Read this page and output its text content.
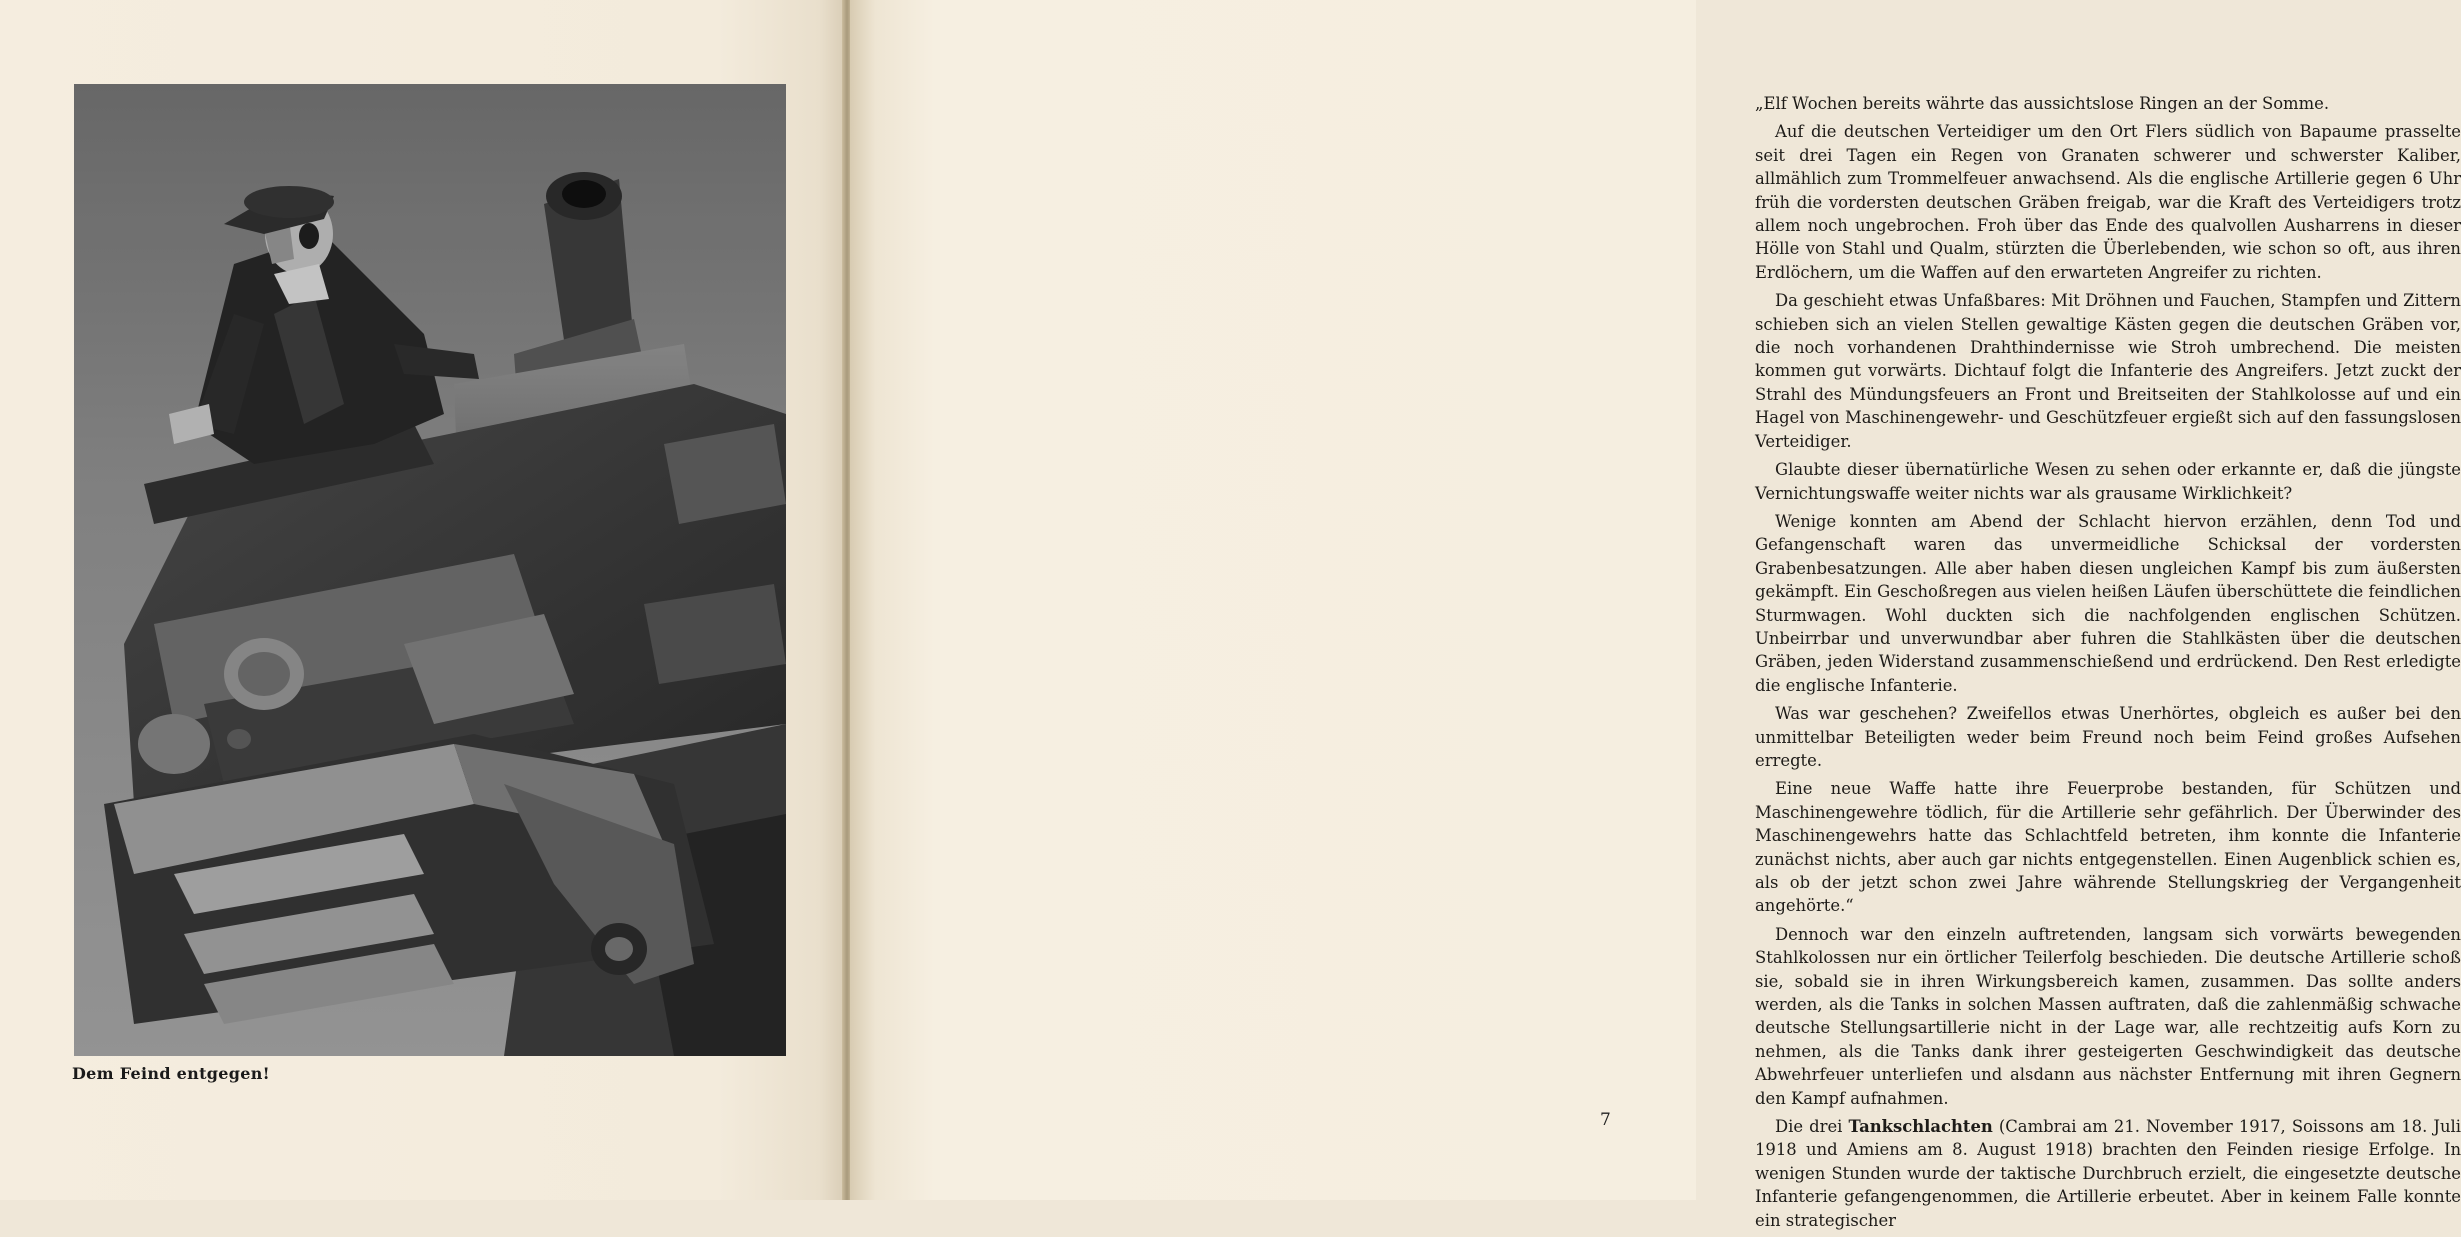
Dem Feind entgegen!

„Elf Wochen bereits währte das aussichtslose Ringen an der Somme.

Auf die deutschen Verteidiger um den Ort Flers südlich von Bapaume prasselte seit drei Tagen ein Regen von Granaten schwerer und schwerster Kaliber, allmählich zum Trommelfeuer anwachsend. Als die englische Artillerie gegen 6 Uhr früh die vordersten deutschen Gräben freigab, war die Kraft des Verteidigers trotz allem noch ungebrochen. Froh über das Ende des qualvollen Ausharrens in dieser Hölle von Stahl und Qualm, stürzten die Überlebenden, wie schon so oft, aus ihren Erdlöchern, um die Waffen auf den erwarteten Angreifer zu richten.

Da geschieht etwas Unfaßbares: Mit Dröhnen und Fauchen, Stampfen und Zittern schieben sich an vielen Stellen gewaltige Kästen gegen die deutschen Gräben vor, die noch vorhandenen Drahthindernisse wie Stroh umbrechend. Die meisten kommen gut vorwärts. Dichtauf folgt die Infanterie des Angreifers. Jetzt zuckt der Strahl des Mündungsfeuers an Front und Breitseiten der Stahlkolosse auf und ein Hagel von Maschinengewehr- und Geschützfeuer ergießt sich auf den fassungslosen Verteidiger.

Glaubte dieser übernatürliche Wesen zu sehen oder erkannte er, daß die jüngste Vernichtungswaffe weiter nichts war als grausame Wirklichkeit?

Wenige konnten am Abend der Schlacht hiervon erzählen, denn Tod und Gefangenschaft waren das unvermeidliche Schicksal der vordersten Grabenbesatzungen. Alle aber haben diesen ungleichen Kampf bis zum äußersten gekämpft. Ein Geschoßregen aus vielen heißen Läufen überschüttete die feindlichen Sturmwagen. Wohl duckten sich die nachfolgenden englischen Schützen. Unbeirrbar und unverwundbar aber fuhren die Stahlkästen über die deutschen Gräben, jeden Widerstand zusammenschießend und erdrückend. Den Rest erledigte die englische Infanterie.

Was war geschehen? Zweifellos etwas Unerhörtes, obgleich es außer bei den unmittelbar Beteiligten weder beim Freund noch beim Feind großes Aufsehen erregte.

Eine neue Waffe hatte ihre Feuerprobe bestanden, für Schützen und Maschinengewehre tödlich, für die Artillerie sehr gefährlich. Der Überwinder des Maschinengewehrs hatte das Schlachtfeld betreten, ihm konnte die Infanterie zunächst nichts, aber auch gar nichts entgegenstellen. Einen Augenblick schien es, als ob der jetzt schon zwei Jahre währende Stellungskrieg der Vergangenheit angehörte.“

Dennoch war den einzeln auftretenden, langsam sich vorwärts bewegenden Stahlkolossen nur ein örtlicher Teilerfolg beschieden. Die deutsche Artillerie schoß sie, sobald sie in ihren Wirkungsbereich kamen, zusammen. Das sollte anders werden, als die Tanks in solchen Massen auftraten, daß die zahlenmäßig schwache deutsche Stellungsartillerie nicht in der Lage war, alle rechtzeitig aufs Korn zu nehmen, als die Tanks dank ihrer gesteigerten Geschwindigkeit das deutsche Abwehrfeuer unterliefen und alsdann aus nächster Entfernung mit ihren Gegnern den Kampf aufnahmen.

Die drei Tankschlachten (Cambrai am 21. November 1917, Soissons am 18. Juli 1918 und Amiens am 8. August 1918) brachten den Feinden riesige Erfolge. In wenigen Stunden wurde der taktische Durchbruch erzielt, die eingesetzte deutsche Infanterie gefangengenommen, die Artillerie erbeutet. Aber in keinem Falle konnte ein strategischer

7
